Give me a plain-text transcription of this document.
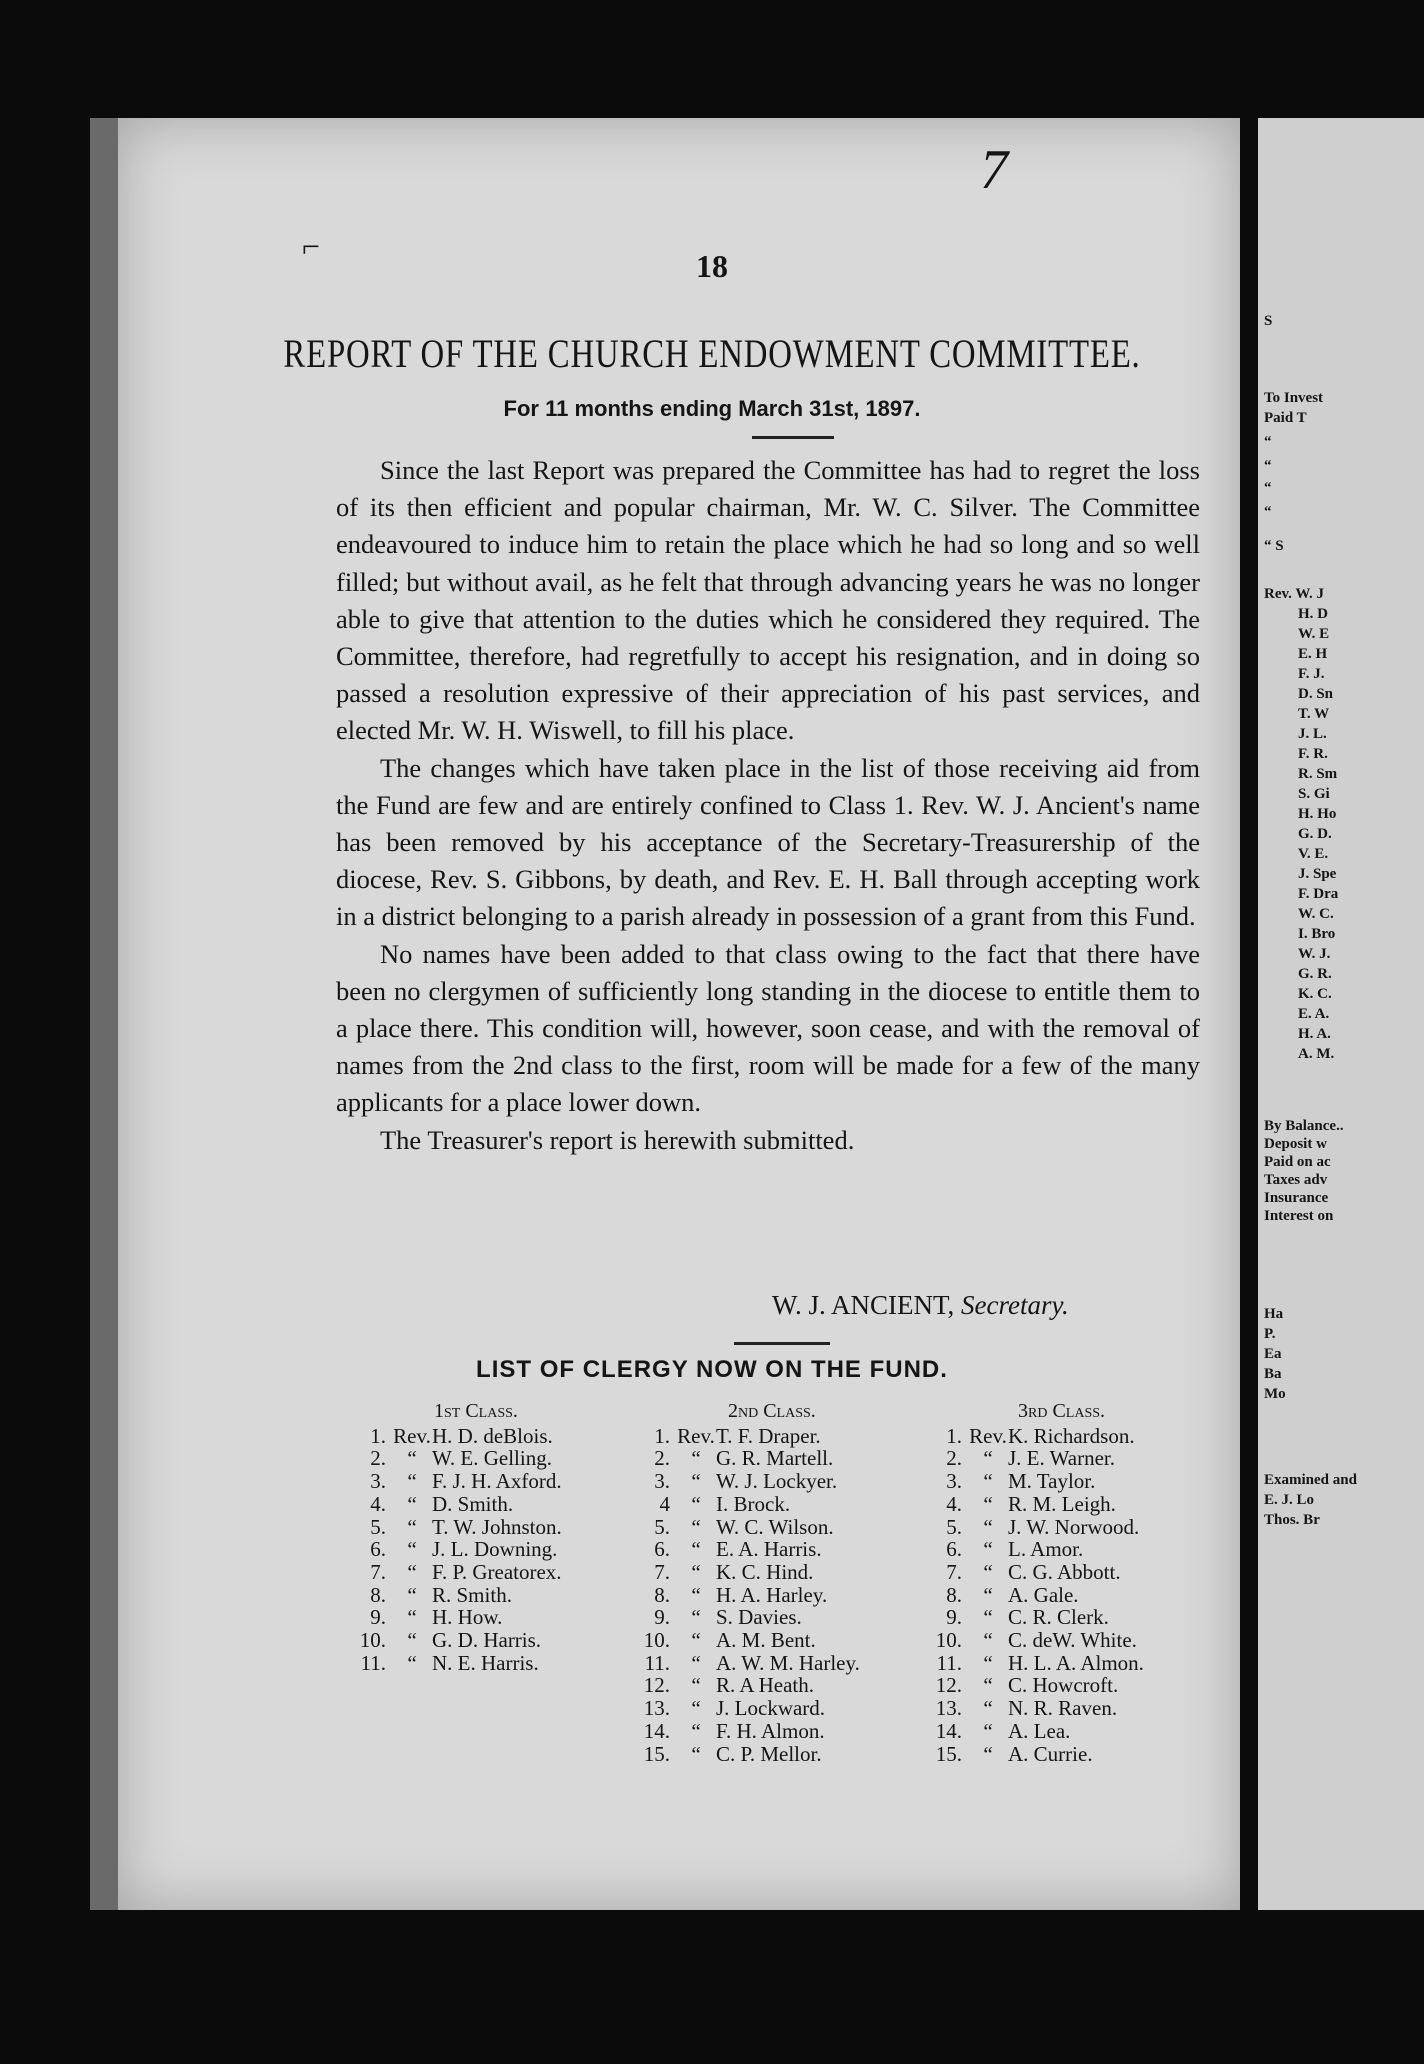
S
To Invest
Paid T
“
“
“
“
“ S
Rev. W. J
H. D
W. E
E. H
F. J.
D. Sn
T. W
J. L.
F. R.
R. Sm
S. Gi
H. Ho
G. D.
V. E.
J. Spe
F. Dra
W. C.
I. Bro
W. J.
G. R.
K. C.
E. A.
H. A.
A. M.
By Balance..
Deposit w
Paid on ac
Taxes adv
Insurance
Interest on
Ha
P.
Ea
Ba
Mo
Examined and
E. J. Lo
Thos. Br
⌐
7
18
REPORT OF THE CHURCH ENDOWMENT COMMITTEE.
For 11 months ending March 31st, 1897.

Since the last Report was prepared the Committee has had to regret the loss of its then efficient and popular chairman, Mr. W. C. Silver. The Committee endeavoured to induce him to retain the place which he had so long and so well filled; but without avail, as he felt that through advancing years he was no longer able to give that attention to the duties which he considered they required. The Committee, therefore, had regretfully to accept his resignation, and in doing so passed a resolution expressive of their appreciation of his past services, and elected Mr. W. H. Wiswell, to fill his place.

The changes which have taken place in the list of those receiving aid from the Fund are few and are entirely confined to Class 1. Rev. W. J. Ancient's name has been removed by his acceptance of the Secretary-Treasurership of the diocese, Rev. S. Gibbons, by death, and Rev. E. H. Ball through accepting work in a district belonging to a parish already in possession of a grant from this Fund.

No names have been added to that class owing to the fact that there have been no clergymen of sufficiently long standing in the diocese to entitle them to a place there. This condition will, however, soon cease, and with the removal of names from the 2nd class to the first, room will be made for a few of the many applicants for a place lower down.

The Treasurer's report is herewith submitted.

W. J. ANCIENT, Secretary.
LIST OF CLERGY NOW ON THE FUND.
1st Class.
1. Rev. H. D. deBlois.
2.	“ W. E. Gelling.
3.	“ F. J. H. Axford.
4.	“ D. Smith.
5.	“ T. W. Johnston.
6.	“ J. L. Downing.
7.	“ F. P. Greatorex.
8.	“ R. Smith.
9.	“ H. How.
10.	“ G. D. Harris.
11.	“ N. E. Harris.
2nd Class.
1. Rev. T. F. Draper.
2.	“ G. R. Martell.
3.	“ W. J. Lockyer.
4	“ I. Brock.
5.	“ W. C. Wilson.
6.	“ E. A. Harris.
7.	“ K. C. Hind.
8.	“ H. A. Harley.
9.	“ S. Davies.
10.	“ A. M. Bent.
11.	“ A. W. M. Harley.
12.	“ R. A Heath.
13.	“ J. Lockward.
14.	“ F. H. Almon.
15.	“ C. P. Mellor.
3rd Class.
1. Rev. K. Richardson.
2.	“ J. E. Warner.
3.	“ M. Taylor.
4.	“ R. M. Leigh.
5.	“ J. W. Norwood.
6.	“ L. Amor.
7.	“ C. G. Abbott.
8.	“ A. Gale.
9.	“ C. R. Clerk.
10.	“ C. deW. White.
11.	“ H. L. A. Almon.
12.	“ C. Howcroft.
13.	“ N. R. Raven.
14.	“ A. Lea.
15.	“ A. Currie.
